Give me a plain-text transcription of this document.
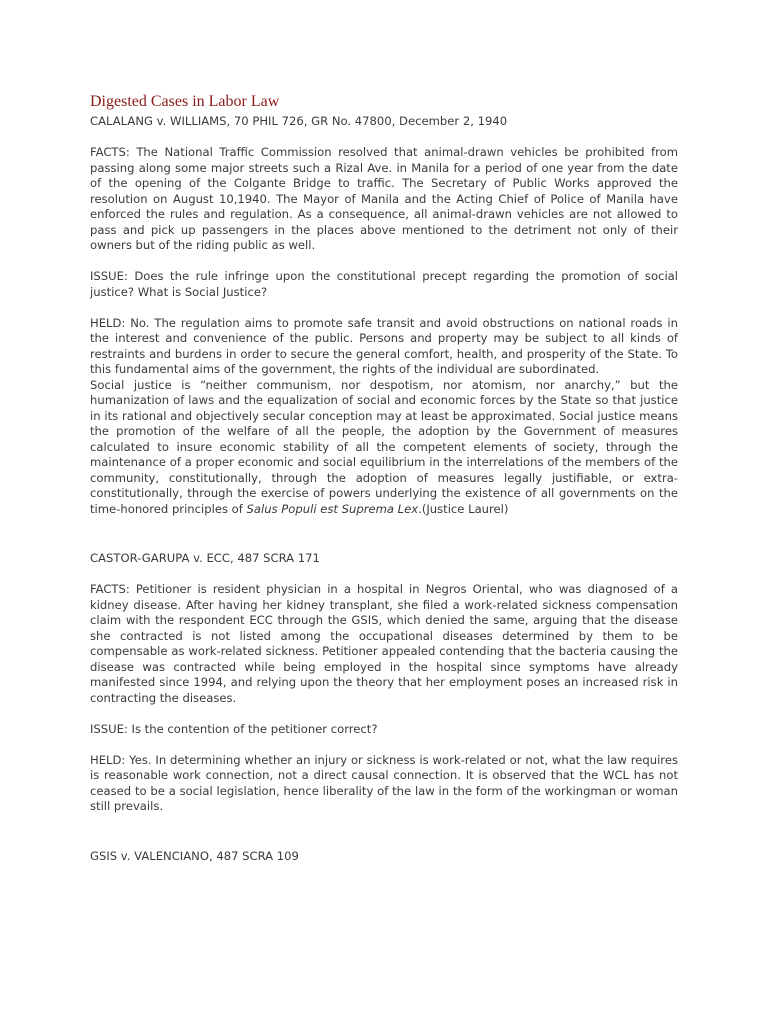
Digested Cases in Labor Law

CALALANG v. WILLIAMS, 70 PHIL 726, GR No. 47800, December 2, 1940

FACTS: The National Traffic Commission resolved that animal-drawn vehicles be prohibited from passing along some major streets such a Rizal Ave. in Manila for a period of one year from the date of the opening of the Colgante Bridge to traffic. The Secretary of Public Works approved the resolution on August 10,1940. The Mayor of Manila and the Acting Chief of Police of Manila have enforced the rules and regulation. As a consequence, all animal-drawn vehicles are not allowed to pass and pick up passengers in the places above mentioned to the detriment not only of their owners but of the riding public as well.

ISSUE: Does the rule infringe upon the constitutional precept regarding the promotion of social justice? What is Social Justice?

HELD: No. The regulation aims to promote safe transit and avoid obstructions on national roads in the interest and convenience of the public. Persons and property may be subject to all kinds of restraints and burdens in order to secure the general comfort, health, and prosperity of the State. To this fundamental aims of the government, the rights of the individual are subordinated.

Social justice is “neither communism, nor despotism, nor atomism, nor anarchy,” but the humanization of laws and the equalization of social and economic forces by the State so that justice in its rational and objectively secular conception may at least be approximated. Social justice means the promotion of the welfare of all the people, the adoption by the Government of measures calculated to insure economic stability of all the competent elements of society, through the maintenance of a proper economic and social equilibrium in the interrelations of the members of the community, constitutionally, through the adoption of measures legally justifiable, or extra-constitutionally, through the exercise of powers underlying the existence of all governments on the time-honored principles of Salus Populi est Suprema Lex.(Justice Laurel)

CASTOR-GARUPA v. ECC, 487 SCRA 171

FACTS: Petitioner is resident physician in a hospital in Negros Oriental, who was diagnosed of a kidney disease. After having her kidney transplant, she filed a work-related sickness compensation claim with the respondent ECC through the GSIS, which denied the same, arguing that the disease she contracted is not listed among the occupational diseases determined by them to be compensable as work-related sickness. Petitioner appealed contending that the bacteria causing the disease was contracted while being employed in the hospital since symptoms have already manifested since 1994, and relying upon the theory that her employment poses an increased risk in contracting the diseases.

ISSUE: Is the contention of the petitioner correct?

HELD: Yes. In determining whether an injury or sickness is work-related or not, what the law requires is reasonable work connection, not a direct causal connection. It is observed that the WCL has not ceased to be a social legislation, hence liberality of the law in the form of the workingman or woman still prevails.

GSIS v. VALENCIANO, 487 SCRA 109
